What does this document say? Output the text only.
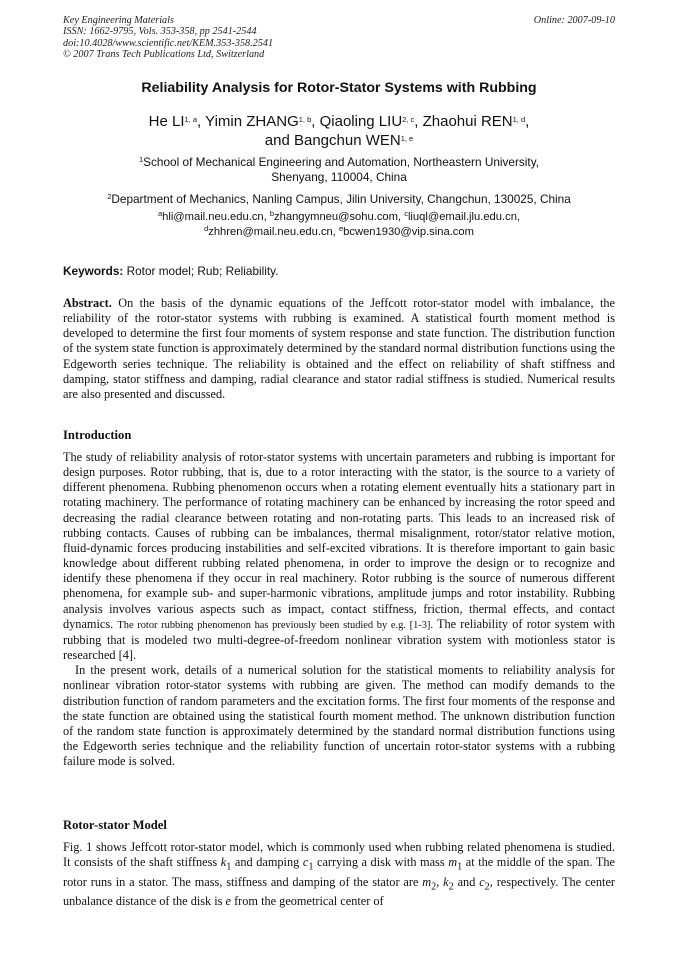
Key Engineering Materials
ISSN: 1662-9795, Vols. 353-358, pp 2541-2544
doi:10.4028/www.scientific.net/KEM.353-358.2541
© 2007 Trans Tech Publications Ltd, Switzerland
Online: 2007-09-10
Reliability Analysis for Rotor-Stator Systems with Rubbing
He LI$^{1, a}$, Yimin ZHANG$^{1, b}$, Qiaoling LIU$^{2, c}$, Zhaohui REN$^{1, d}$,
and Bangchun WEN$^{1, e}$
$^1$School of Mechanical Engineering and Automation, Northeastern University,
Shenyang, 110004, China
$^2$Department of Mechanics, Nanling Campus, Jilin University, Changchun, 130025, China
$^a$hli@mail.neu.edu.cn, $^b$zhangymneu@sohu.com, $^c$liuql@email.jlu.edu.cn,
$^d$zhhren@mail.neu.edu.cn, $^e$bcwen1930@vip.sina.com
Keywords: Rotor model; Rub; Reliability.

Abstract. On the basis of the dynamic equations of the Jeffcott rotor-stator model with imbalance, the reliability of the rotor-stator systems with rubbing is examined. A statistical fourth moment method is developed to determine the first four moments of system response and state function. The distribution function of the system state function is approximately determined by the standard normal distribution functions using the Edgeworth series technique. The reliability is obtained and the effect on reliability of shaft stiffness and damping, stator stiffness and damping, radial clearance and stator radial stiffness is studied. Numerical results are also presented and discussed.

Introduction

The study of reliability analysis of rotor-stator systems with uncertain parameters and rubbing is important for design purposes. Rotor rubbing, that is, due to a rotor interacting with the stator, is the source to a variety of different phenomena. Rubbing phenomenon occurs when a rotating element eventually hits a stationary part in rotating machinery. The performance of rotating machinery can be enhanced by increasing the rotor speed and decreasing the radial clearance between rotating and non-rotating parts. This leads to an increased risk of rubbing contacts. Causes of rubbing can be imbalances, thermal misalignment, rotor/stator relative motion, fluid-dynamic forces producing instabilities and self-excited vibrations. It is therefore important to gain basic knowledge about different rubbing related phenomena, in order to improve the design or to recognize and identify these phenomena if they occur in real machinery. Rotor rubbing is the source of numerous different phenomena, for example sub- and super-harmonic vibrations, amplitude jumps and rotor instability. Rubbing analysis involves various aspects such as impact, contact stiffness, friction, thermal effects, and contact dynamics. The rotor rubbing phenomenon has previously been studied by e.g. [1-3]. The reliability of rotor system with rubbing that is modeled two multi-degree-of-freedom nonlinear vibration system with motionless stator is researched [4].

In the present work, details of a numerical solution for the statistical moments to reliability analysis for nonlinear vibration rotor-stator systems with rubbing are given. The method can modify demands to the distribution function of random parameters and the excitation forms. The first four moments of the response and the state function are obtained using the statistical fourth moment method. The unknown distribution function of the random state function is approximately determined by the standard normal distribution functions using the Edgeworth series technique and the reliability function of uncertain rotor-stator systems with a rubbing failure mode is solved.

Rotor-stator Model

Fig. 1 shows Jeffcott rotor-stator model, which is commonly used when rubbing related phenomena is studied. It consists of the shaft stiffness $k_1$ and damping $c_1$ carrying a disk with mass $m_1$ at the middle of the span. The rotor runs in a stator. The mass, stiffness and damping of the stator are $m_2$, $k_2$ and $c_2$, respectively. The center unbalance distance of the disk is e from the geometrical center of
